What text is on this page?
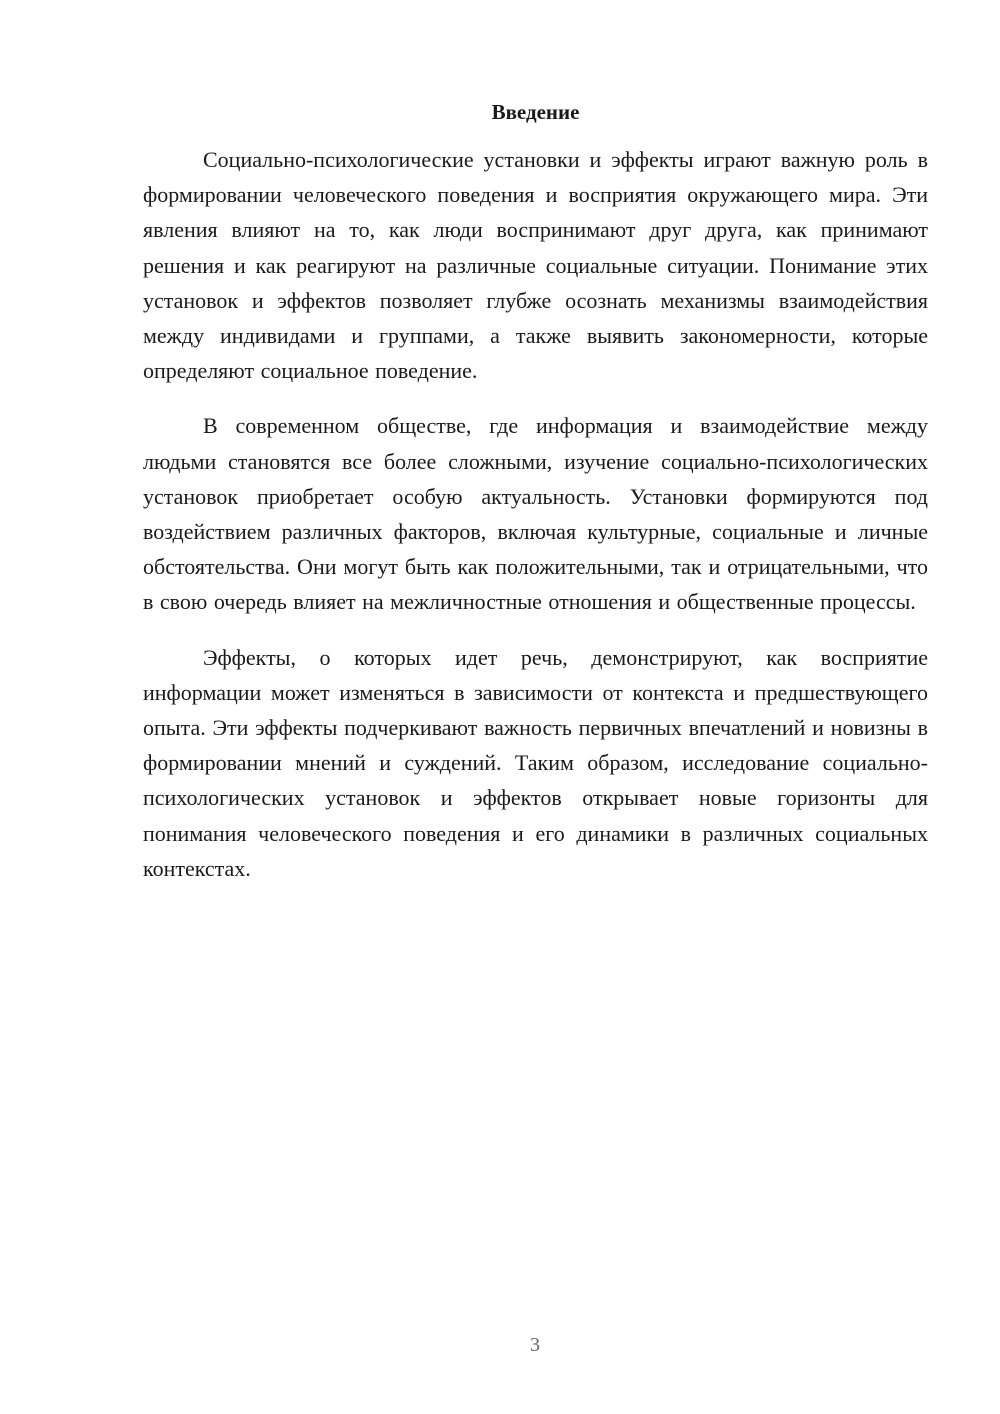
Введение

Социально-психологические установки и эффекты играют важную роль в формировании человеческого поведения и восприятия окружающего мира. Эти явления влияют на то, как люди воспринимают друг друга, как принимают решения и как реагируют на различные социальные ситуации. Понимание этих установок и эффектов позволяет глубже осознать механизмы взаимодействия между индивидами и группами, а также выявить закономерности, которые определяют социальное поведение.

В современном обществе, где информация и взаимодействие между людьми становятся все более сложными, изучение социально-психологических установок приобретает особую актуальность. Установки формируются под воздействием различных факторов, включая культурные, социальные и личные обстоятельства. Они могут быть как положительными, так и отрицательными, что в свою очередь влияет на межличностные отношения и общественные процессы.

Эффекты, о которых идет речь, демонстрируют, как восприятие информации может изменяться в зависимости от контекста и предшествующего опыта. Эти эффекты подчеркивают важность первичных впечатлений и новизны в формировании мнений и суждений. Таким образом, исследование социально-психологических установок и эффектов открывает новые горизонты для понимания человеческого поведения и его динамики в различных социальных контекстах.

3
